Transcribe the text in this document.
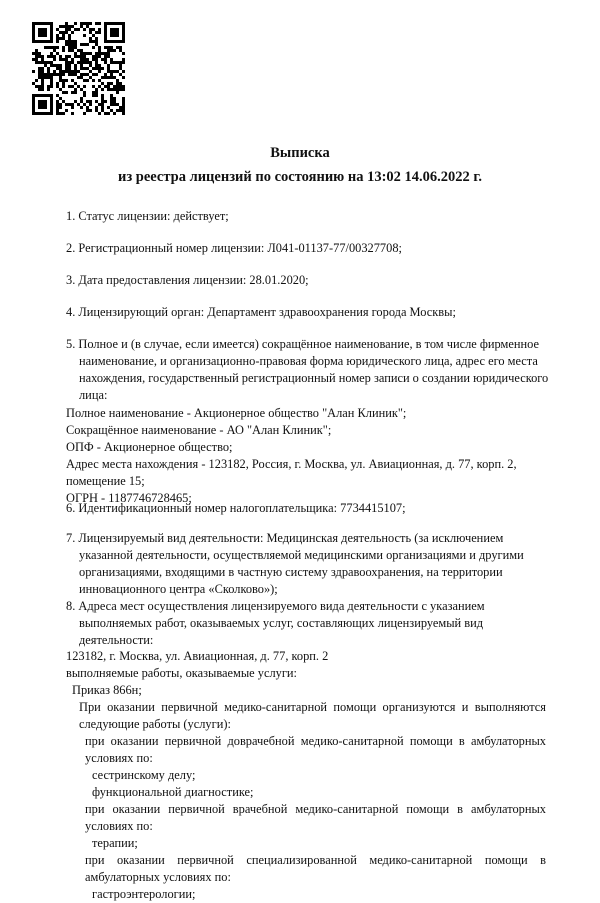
Выписка
из реестра лицензий по состоянию на 13:02 14.06.2022 г.
1. Статус лицензии: действует;
2. Регистрационный номер лицензии: Л041-01137-77/00327708;
3. Дата предоставления лицензии: 28.01.2020;
4. Лицензирующий орган: Департамент здравоохранения города Москвы;
5. Полное и (в случае, если имеется) сокращённое наименование, в том числе фирменное наименование, и организационно-правовая форма юридического лица, адрес его места нахождения, государственный регистрационный номер записи о создании юридического лица:

Полное наименование - Акционерное общество "Алан Клиник";

Сокращённое наименование - АО "Алан Клиник";

ОПФ - Акционерное общество;

Адрес места нахождения - 123182, Россия, г. Москва, ул. Авиационная, д. 77, корп. 2, помещение 15;

ОГРН - 1187746728465;

6. Идентификационный номер налогоплательщика: 7734415107;
7. Лицензируемый вид деятельности: Медицинская деятельность (за исключением указанной деятельности, осуществляемой медицинскими организациями и другими организациями, входящими в частную систему здравоохранения, на территории инновационного центра «Сколково»);
8. Адреса мест осуществления лицензируемого вида деятельности с указанием выполняемых работ, оказываемых услуг, составляющих лицензируемый вид деятельности:

123182, г. Москва, ул. Авиационная, д. 77, корп. 2

выполняемые работы, оказываемые услуги:

Приказ 866н;

При оказании первичной медико-санитарной помощи организуются и выполняются следующие работы (услуги):

при оказании первичной доврачебной медико-санитарной помощи в амбулаторных условиях по:

сестринскому делу;

функциональной диагностике;

при оказании первичной врачебной медико-санитарной помощи в амбулаторных условиях по:

терапии;

при оказании первичной специализированной медико-санитарной помощи в амбулаторных условиях по:

гастроэнтерологии;
